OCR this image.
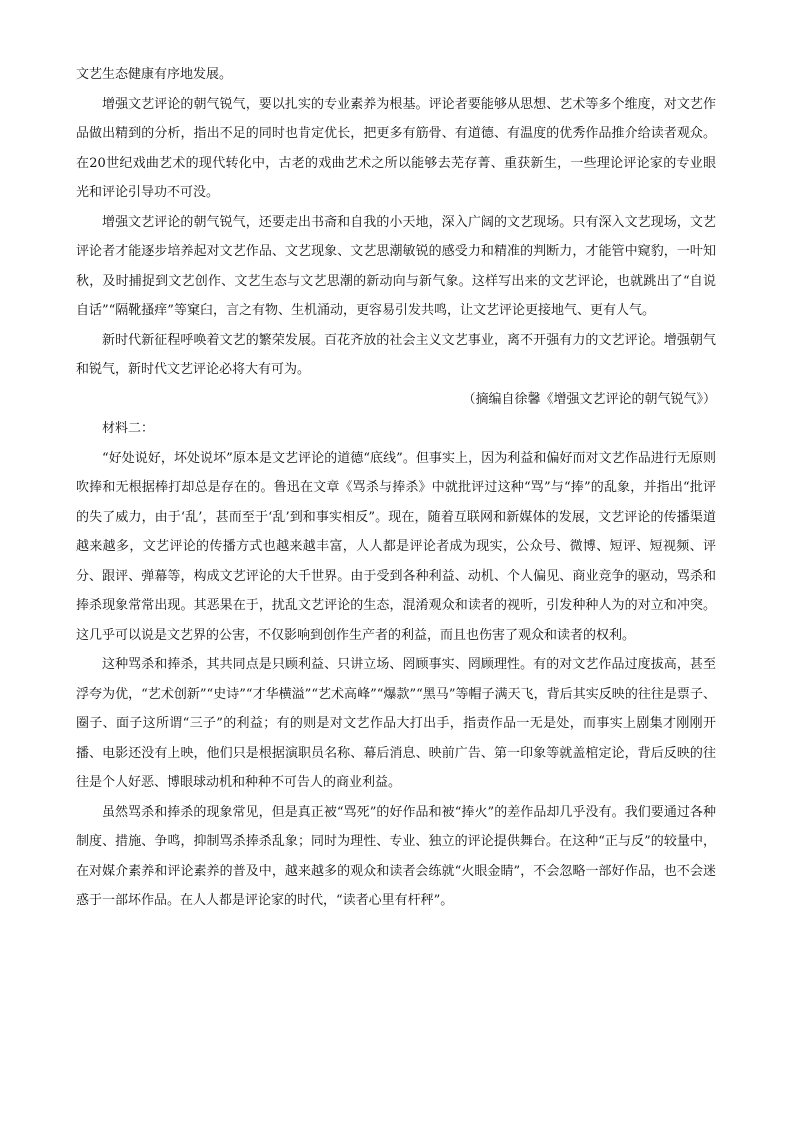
文艺生态健康有序地发展。

增强文艺评论的朝气锐气，要以扎实的专业素养为根基。评论者要能够从思想、艺术等多个维度，对文艺作品做出精到的分析，指出不足的同时也肯定优长，把更多有筋骨、有道德、有温度的优秀作品推介给读者观众。在20世纪戏曲艺术的现代转化中，古老的戏曲艺术之所以能够去芜存菁、重获新生，一些理论评论家的专业眼光和评论引导功不可没。

增强文艺评论的朝气锐气，还要走出书斋和自我的小天地，深入广阔的文艺现场。只有深入文艺现场，文艺评论者才能逐步培养起对文艺作品、文艺现象、文艺思潮敏锐的感受力和精准的判断力，才能管中窥豹，一叶知秋，及时捕捉到文艺创作、文艺生态与文艺思潮的新动向与新气象。这样写出来的文艺评论，也就跳出了“自说自话”“隔靴搔痒”等窠臼，言之有物、生机涌动，更容易引发共鸣，让文艺评论更接地气、更有人气。

新时代新征程呼唤着文艺的繁荣发展。百花齐放的社会主义文艺事业，离不开强有力的文艺评论。增强朝气和锐气，新时代文艺评论必将大有可为。

（摘编自徐馨《增强文艺评论的朝气锐气》）

材料二：

“好处说好，坏处说坏”原本是文艺评论的道德“底线”。但事实上，因为利益和偏好而对文艺作品进行无原则吹捧和无根据棒打却总是存在的。鲁迅在文章《骂杀与捧杀》中就批评过这种“骂”与“捧”的乱象，并指出“批评的失了威力，由于‘乱’，甚而至于‘乱’到和事实相反”。现在，随着互联网和新媒体的发展，文艺评论的传播渠道越来越多，文艺评论的传播方式也越来越丰富，人人都是评论者成为现实，公众号、微博、短评、短视频、评分、跟评、弹幕等，构成文艺评论的大千世界。由于受到各种利益、动机、个人偏见、商业竞争的驱动，骂杀和捧杀现象常常出现。其恶果在于，扰乱文艺评论的生态，混淆观众和读者的视听，引发种种人为的对立和冲突。这几乎可以说是文艺界的公害，不仅影响到创作生产者的利益，而且也伤害了观众和读者的权利。

这种骂杀和捧杀，其共同点是只顾利益、只讲立场、罔顾事实、罔顾理性。有的对文艺作品过度拔高，甚至浮夸为优，“艺术创新”“史诗”“才华横溢”“艺术高峰”“爆款”“黑马”等帽子满天飞，背后其实反映的往往是票子、圈子、面子这所谓“三子”的利益；有的则是对文艺作品大打出手，指责作品一无是处，而事实上剧集才刚刚开播、电影还没有上映，他们只是根据演职员名称、幕后消息、映前广告、第一印象等就盖棺定论，背后反映的往往是个人好恶、博眼球动机和种种不可告人的商业利益。

虽然骂杀和捧杀的现象常见，但是真正被“骂死”的好作品和被“捧火”的差作品却几乎没有。我们要通过各种制度、措施、争鸣，抑制骂杀捧杀乱象；同时为理性、专业、独立的评论提供舞台。在这种“正与反”的较量中，在对媒介素养和评论素养的普及中，越来越多的观众和读者会练就“火眼金睛”，不会忽略一部好作品，也不会迷惑于一部坏作品。在人人都是评论家的时代，“读者心里有杆秤”。
